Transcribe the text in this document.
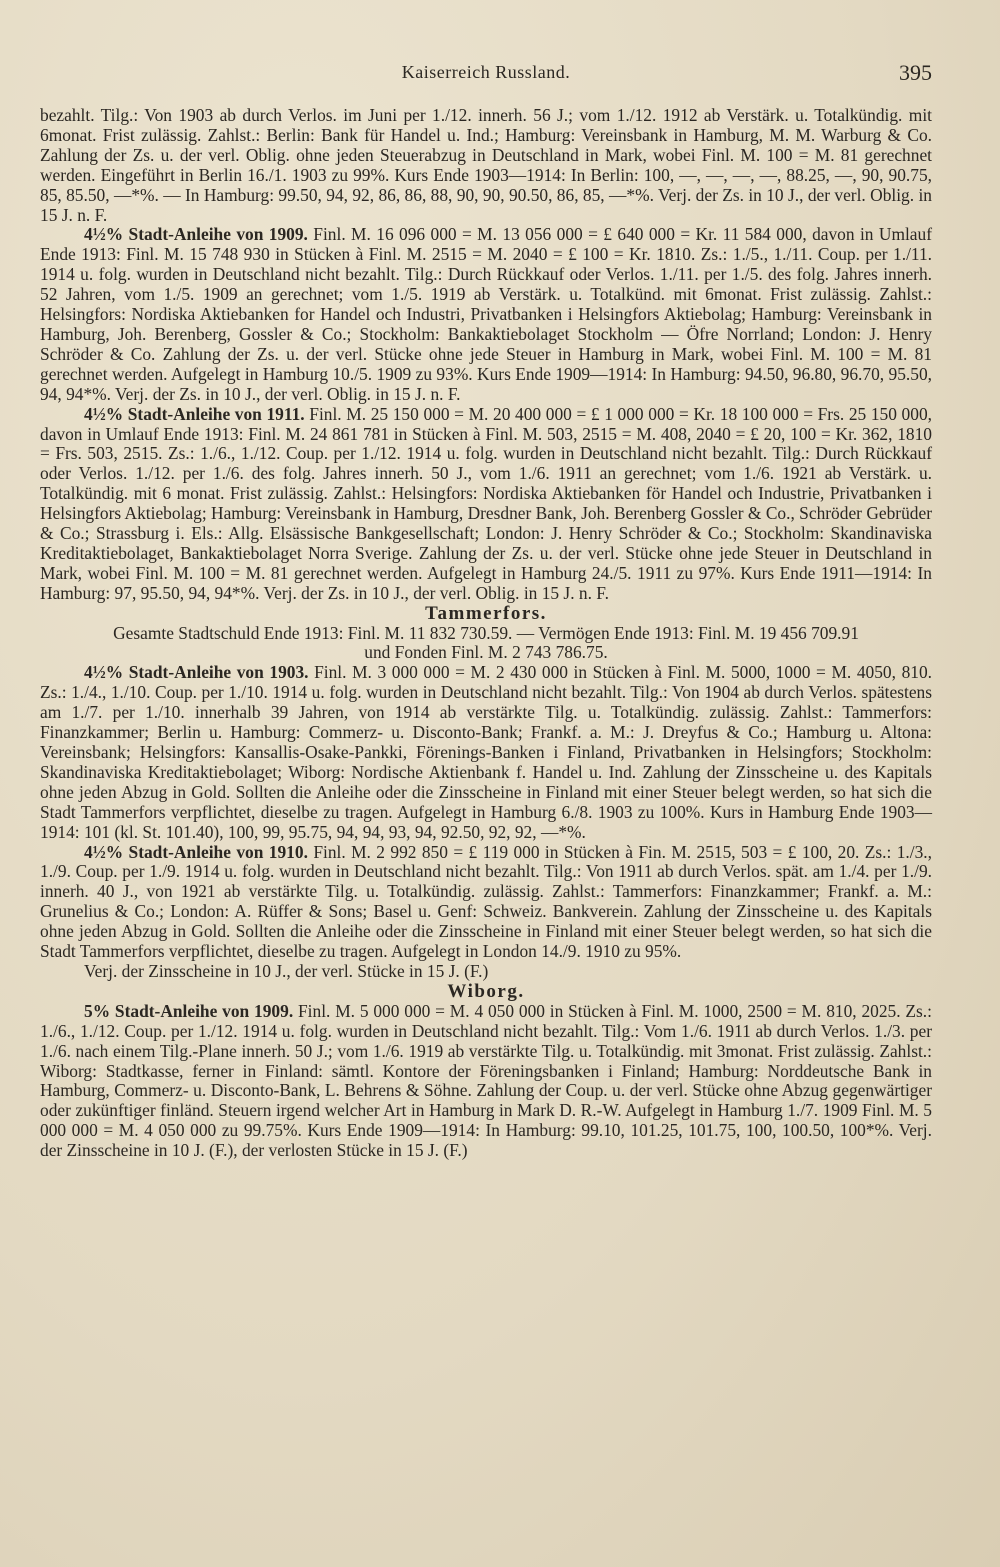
Kaiserreich Russland.	395

bezahlt. Tilg.: Von 1903 ab durch Verlos. im Juni per 1./12. innerh. 56 J.; vom 1./12. 1912 ab Verstärk. u. Totalkündig. mit 6monat. Frist zulässig. Zahlst.: Berlin: Bank für Handel u. Ind.; Hamburg: Vereinsbank in Hamburg, M. M. Warburg & Co. Zahlung der Zs. u. der verl. Oblig. ohne jeden Steuerabzug in Deutschland in Mark, wobei Finl. M. 100 = M. 81 gerechnet werden. Eingeführt in Berlin 16./1. 1903 zu 99%. Kurs Ende 1903—1914: In Berlin: 100, —, —, —, —, 88.25, —, 90, 90.75, 85, 85.50, —*%. — In Hamburg: 99.50, 94, 92, 86, 86, 88, 90, 90, 90.50, 86, 85, —*%. Verj. der Zs. in 10 J., der verl. Oblig. in 15 J. n. F.

4½% Stadt-Anleihe von 1909. Finl. M. 16 096 000 = M. 13 056 000 = £ 640 000 = Kr. 11 584 000, davon in Umlauf Ende 1913: Finl. M. 15 748 930 in Stücken à Finl. M. 2515 = M. 2040 = £ 100 = Kr. 1810. Zs.: 1./5., 1./11. Coup. per 1./11. 1914 u. folg. wurden in Deutschland nicht bezahlt. Tilg.: Durch Rückkauf oder Verlos. 1./11. per 1./5. des folg. Jahres innerh. 52 Jahren, vom 1./5. 1909 an gerechnet; vom 1./5. 1919 ab Verstärk. u. Totalkünd. mit 6monat. Frist zulässig. Zahlst.: Helsingfors: Nordiska Aktiebanken for Handel och Industri, Privatbanken i Helsingfors Aktiebolag; Hamburg: Vereinsbank in Hamburg, Joh. Berenberg, Gossler & Co.; Stockholm: Bankaktiebolaget Stockholm — Öfre Norrland; London: J. Henry Schröder & Co. Zahlung der Zs. u. der verl. Stücke ohne jede Steuer in Hamburg in Mark, wobei Finl. M. 100 = M. 81 gerechnet werden. Aufgelegt in Hamburg 10./5. 1909 zu 93%. Kurs Ende 1909—1914: In Hamburg: 94.50, 96.80, 96.70, 95.50, 94, 94*%. Verj. der Zs. in 10 J., der verl. Oblig. in 15 J. n. F.

4½% Stadt-Anleihe von 1911. Finl. M. 25 150 000 = M. 20 400 000 = £ 1 000 000 = Kr. 18 100 000 = Frs. 25 150 000, davon in Umlauf Ende 1913: Finl. M. 24 861 781 in Stücken à Finl. M. 503, 2515 = M. 408, 2040 = £ 20, 100 = Kr. 362, 1810 = Frs. 503, 2515. Zs.: 1./6., 1./12. Coup. per 1./12. 1914 u. folg. wurden in Deutschland nicht bezahlt. Tilg.: Durch Rückkauf oder Verlos. 1./12. per 1./6. des folg. Jahres innerh. 50 J., vom 1./6. 1911 an gerechnet; vom 1./6. 1921 ab Verstärk. u. Totalkündig. mit 6 monat. Frist zulässig. Zahlst.: Helsingfors: Nordiska Aktiebanken för Handel och Industrie, Privatbanken i Helsingfors Aktiebolag; Hamburg: Vereinsbank in Hamburg, Dresdner Bank, Joh. Berenberg Gossler & Co., Schröder Gebrüder & Co.; Strassburg i. Els.: Allg. Elsässische Bankgesellschaft; London: J. Henry Schröder & Co.; Stockholm: Skandinaviska Kreditaktiebolaget, Bankaktiebolaget Norra Sverige. Zahlung der Zs. u. der verl. Stücke ohne jede Steuer in Deutschland in Mark, wobei Finl. M. 100 = M. 81 gerechnet werden. Aufgelegt in Hamburg 24./5. 1911 zu 97%. Kurs Ende 1911—1914: In Hamburg: 97, 95.50, 94, 94*%. Verj. der Zs. in 10 J., der verl. Oblig. in 15 J. n. F.

Tammerfors.

Gesamte Stadtschuld Ende 1913: Finl. M. 11 832 730.59. — Vermögen Ende 1913: Finl. M. 19 456 709.91

und Fonden Finl. M. 2 743 786.75.

4½% Stadt-Anleihe von 1903. Finl. M. 3 000 000 = M. 2 430 000 in Stücken à Finl. M. 5000, 1000 = M. 4050, 810. Zs.: 1./4., 1./10. Coup. per 1./10. 1914 u. folg. wurden in Deutschland nicht bezahlt. Tilg.: Von 1904 ab durch Verlos. spätestens am 1./7. per 1./10. innerhalb 39 Jahren, von 1914 ab verstärkte Tilg. u. Totalkündig. zulässig. Zahlst.: Tammerfors: Finanzkammer; Berlin u. Hamburg: Commerz- u. Disconto-Bank; Frankf. a. M.: J. Dreyfus & Co.; Hamburg u. Altona: Vereinsbank; Helsingfors: Kansallis-Osake-Pankki, Förenings-Banken i Finland, Privatbanken in Helsingfors; Stockholm: Skandinaviska Kreditaktiebolaget; Wiborg: Nordische Aktienbank f. Handel u. Ind. Zahlung der Zinsscheine u. des Kapitals ohne jeden Abzug in Gold. Sollten die Anleihe oder die Zinsscheine in Finland mit einer Steuer belegt werden, so hat sich die Stadt Tammerfors verpflichtet, dieselbe zu tragen. Aufgelegt in Hamburg 6./8. 1903 zu 100%. Kurs in Hamburg Ende 1903—1914: 101 (kl. St. 101.40), 100, 99, 95.75, 94, 94, 93, 94, 92.50, 92, 92, —*%.

4½% Stadt-Anleihe von 1910. Finl. M. 2 992 850 = £ 119 000 in Stücken à Fin. M. 2515, 503 = £ 100, 20. Zs.: 1./3., 1./9. Coup. per 1./9. 1914 u. folg. wurden in Deutschland nicht bezahlt. Tilg.: Von 1911 ab durch Verlos. spät. am 1./4. per 1./9. innerh. 40 J., von 1921 ab verstärkte Tilg. u. Totalkündig. zulässig. Zahlst.: Tammerfors: Finanzkammer; Frankf. a. M.: Grunelius & Co.; London: A. Rüffer & Sons; Basel u. Genf: Schweiz. Bankverein. Zahlung der Zinsscheine u. des Kapitals ohne jeden Abzug in Gold. Sollten die Anleihe oder die Zinsscheine in Finland mit einer Steuer belegt werden, so hat sich die Stadt Tammerfors verpflichtet, dieselbe zu tragen. Aufgelegt in London 14./9. 1910 zu 95%.

Verj. der Zinsscheine in 10 J., der verl. Stücke in 15 J. (F.)

Wiborg.

5% Stadt-Anleihe von 1909. Finl. M. 5 000 000 = M. 4 050 000 in Stücken à Finl. M. 1000, 2500 = M. 810, 2025. Zs.: 1./6., 1./12. Coup. per 1./12. 1914 u. folg. wurden in Deutschland nicht bezahlt. Tilg.: Vom 1./6. 1911 ab durch Verlos. 1./3. per 1./6. nach einem Tilg.-Plane innerh. 50 J.; vom 1./6. 1919 ab verstärkte Tilg. u. Totalkündig. mit 3monat. Frist zulässig. Zahlst.: Wiborg: Stadtkasse, ferner in Finland: sämtl. Kontore der Föreningsbanken i Finland; Hamburg: Norddeutsche Bank in Hamburg, Commerz- u. Disconto-Bank, L. Behrens & Söhne. Zahlung der Coup. u. der verl. Stücke ohne Abzug gegenwärtiger oder zukünftiger finländ. Steuern irgend welcher Art in Hamburg in Mark D. R.-W. Aufgelegt in Hamburg 1./7. 1909 Finl. M. 5 000 000 = M. 4 050 000 zu 99.75%. Kurs Ende 1909—1914: In Hamburg: 99.10, 101.25, 101.75, 100, 100.50, 100*%. Verj. der Zinsscheine in 10 J. (F.), der verlosten Stücke in 15 J. (F.)
